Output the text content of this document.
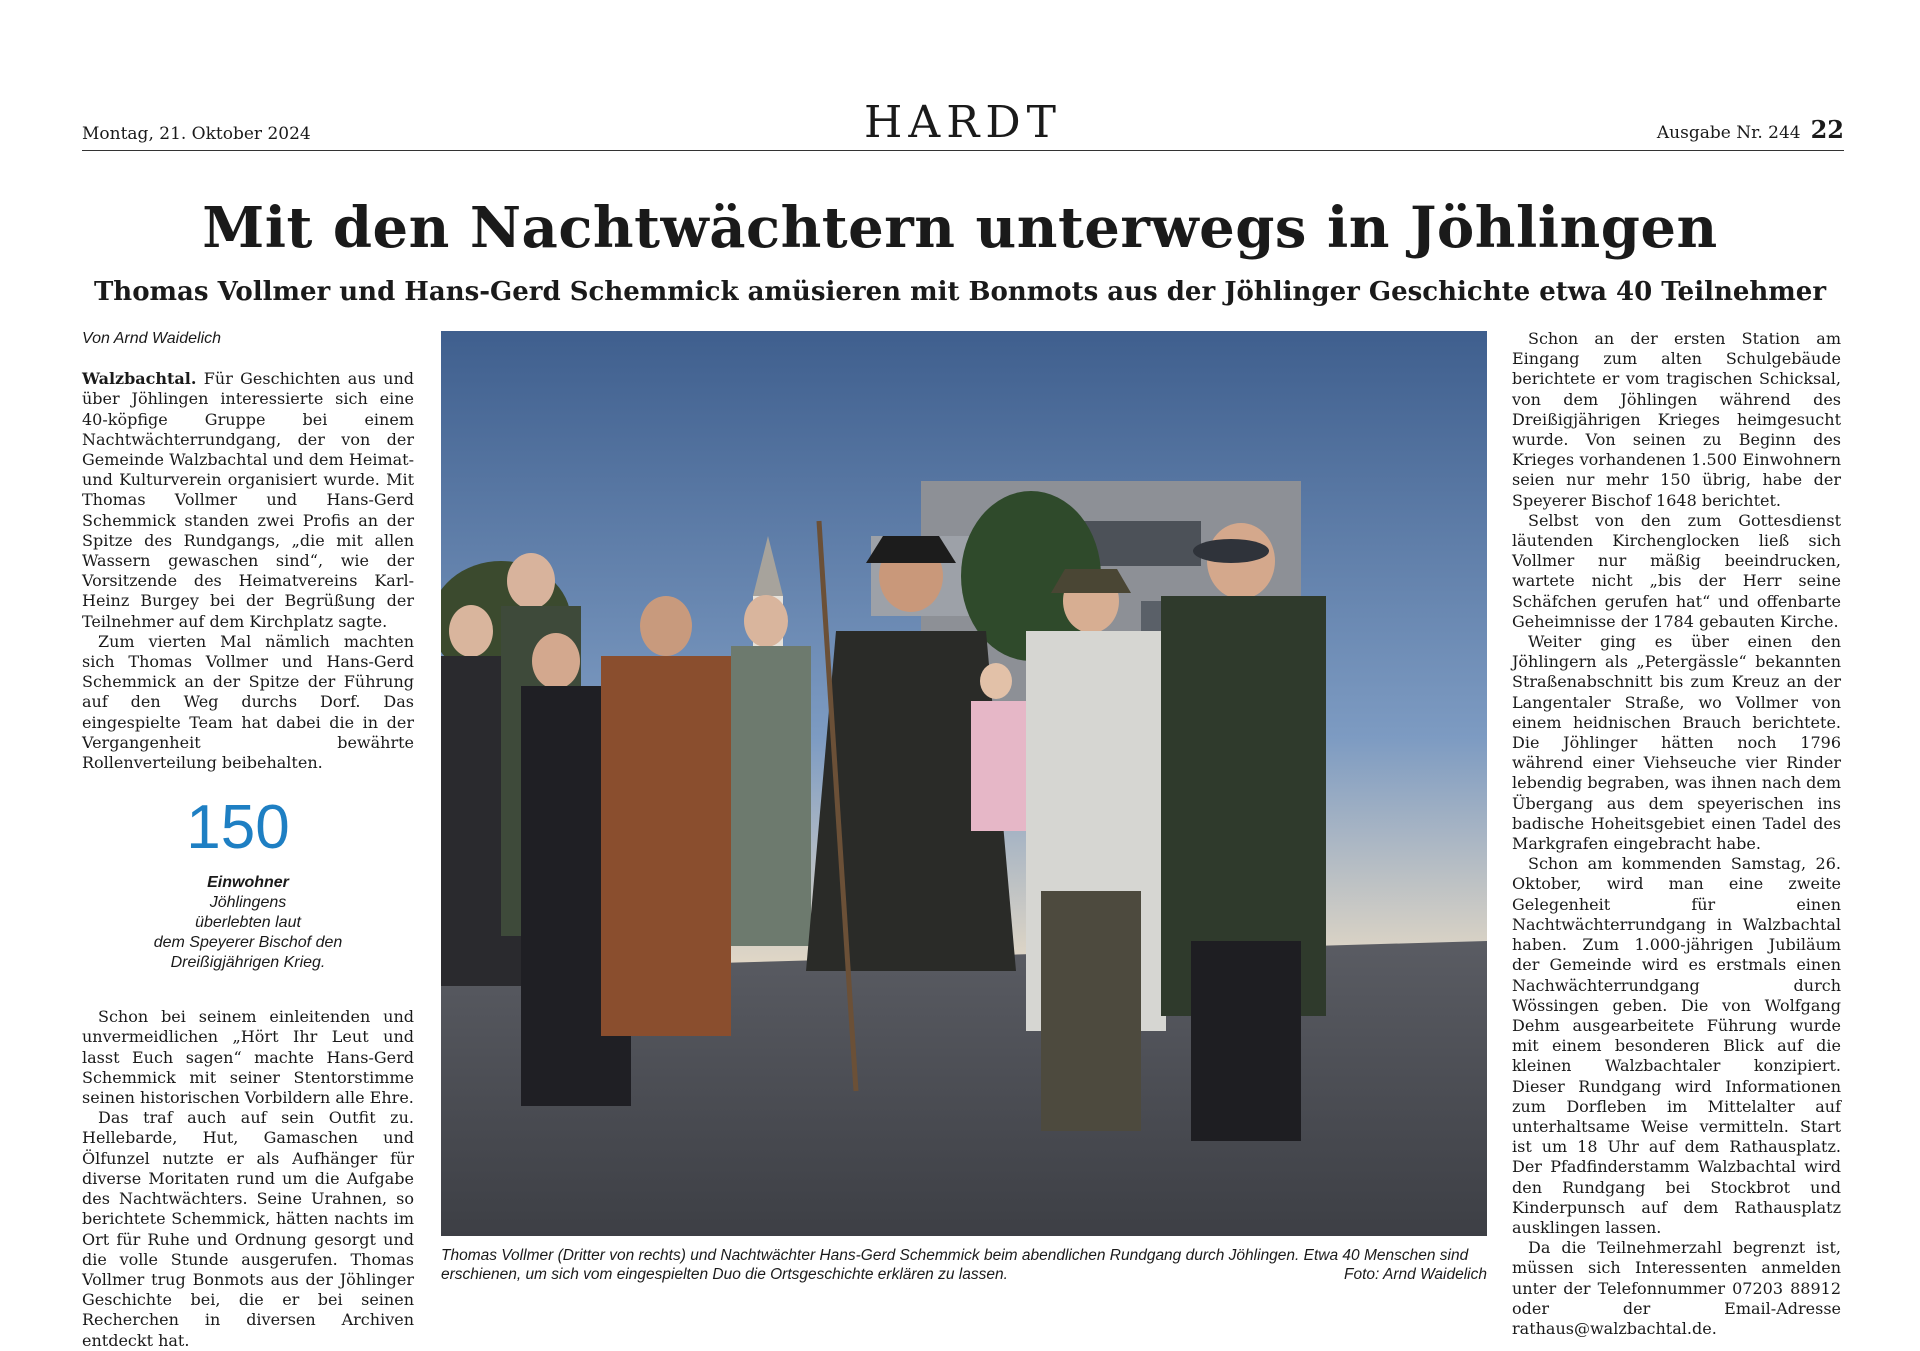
Montag, 21. Oktober 2024	HARDT	Ausgabe Nr. 244 22
Mit den Nachtwächtern unterwegs in Jöhlingen
Thomas Vollmer und Hans-Gerd Schemmick amüsieren mit Bonmots aus der Jöhlinger Geschichte etwa 40 Teilnehmer

Von Arnd Waidelich

Walzbachtal. Für Geschichten aus und über Jöhlingen interessierte sich eine 40-köpfige Gruppe bei einem Nachtwächterrundgang, der von der Gemeinde Walzbachtal und dem Heimat- und Kulturverein organisiert wurde. Mit Thomas Vollmer und Hans-Gerd Schemmick standen zwei Profis an der Spitze des Rundgangs, „die mit allen Wassern gewaschen sind“, wie der Vorsitzende des Heimatvereins Karl-Heinz Burgey bei der Begrüßung der Teilnehmer auf dem Kirchplatz sagte.

Zum vierten Mal nämlich machten sich Thomas Vollmer und Hans-Gerd Schemmick an der Spitze der Führung auf den Weg durchs Dorf. Das eingespielte Team hat dabei die in der Vergangenheit bewährte Rollenverteilung beibehalten.

150
Einwohner
Jöhlingens
überlebten laut
dem Speyerer Bischof den
Dreißigjährigen Krieg.

Schon bei seinem einleitenden und unvermeidlichen „Hört Ihr Leut und lasst Euch sagen“ machte Hans-Gerd Schemmick mit seiner Stentorstimme seinen historischen Vorbildern alle Ehre.

Das traf auch auf sein Outfit zu. Hellebarde, Hut, Gamaschen und Ölfunzel nutzte er als Aufhänger für diverse Moritaten rund um die Aufgabe des Nachtwächters. Seine Urahnen, so berichtete Schemmick, hätten nachts im Ort für Ruhe und Ordnung gesorgt und die volle Stunde ausgerufen. Thomas Vollmer trug Bonmots aus der Jöhlinger Geschichte bei, die er bei seinen Recherchen in diversen Archiven entdeckt hat.

Thomas Vollmer (Dritter von rechts) und Nachtwächter Hans-Gerd Schemmick beim abendlichen Rundgang durch Jöhlingen. Etwa 40 Menschen sind erschienen, um sich vom eingespielten Duo die Ortsgeschichte erklären zu lassen.	Foto: Arnd Waidelich

Schon an der ersten Station am Eingang zum alten Schulgebäude berichtete er vom tragischen Schicksal, von dem Jöhlingen während des Dreißigjährigen Krieges heimgesucht wurde. Von seinen zu Beginn des Krieges vorhandenen 1.500 Einwohnern seien nur mehr 150 übrig, habe der Speyerer Bischof 1648 berichtet.

Selbst von den zum Gottesdienst läutenden Kirchenglocken ließ sich Vollmer nur mäßig beeindrucken, wartete nicht „bis der Herr seine Schäfchen gerufen hat“ und offenbarte Geheimnisse der 1784 gebauten Kirche.

Weiter ging es über einen den Jöhlingern als „Petergässle“ bekannten Straßenabschnitt bis zum Kreuz an der Langentaler Straße, wo Vollmer von einem heidnischen Brauch berichtete. Die Jöhlinger hätten noch 1796 während einer Viehseuche vier Rinder lebendig begraben, was ihnen nach dem Übergang aus dem speyerischen ins badische Hoheitsgebiet einen Tadel des Markgrafen eingebracht habe.

Schon am kommenden Samstag, 26. Oktober, wird man eine zweite Gelegenheit für einen Nachtwächterrundgang in Walzbachtal haben. Zum 1.000-jährigen Jubiläum der Gemeinde wird es erstmals einen Nachwächterrundgang durch Wössingen geben. Die von Wolfgang Dehm ausgearbeitete Führung wurde mit einem besonderen Blick auf die kleinen Walzbachtaler konzipiert. Dieser Rundgang wird Informationen zum Dorfleben im Mittelalter auf unterhaltsame Weise vermitteln. Start ist um 18 Uhr auf dem Rathausplatz. Der Pfadfinderstamm Walzbachtal wird den Rundgang bei Stockbrot und Kinderpunsch auf dem Rathausplatz ausklingen lassen.

Da die Teilnehmerzahl begrenzt ist, müssen sich Interessenten anmelden unter der Telefonnummer 07203 88912 oder der Email-Adresse rathaus@walzbachtal.de.
